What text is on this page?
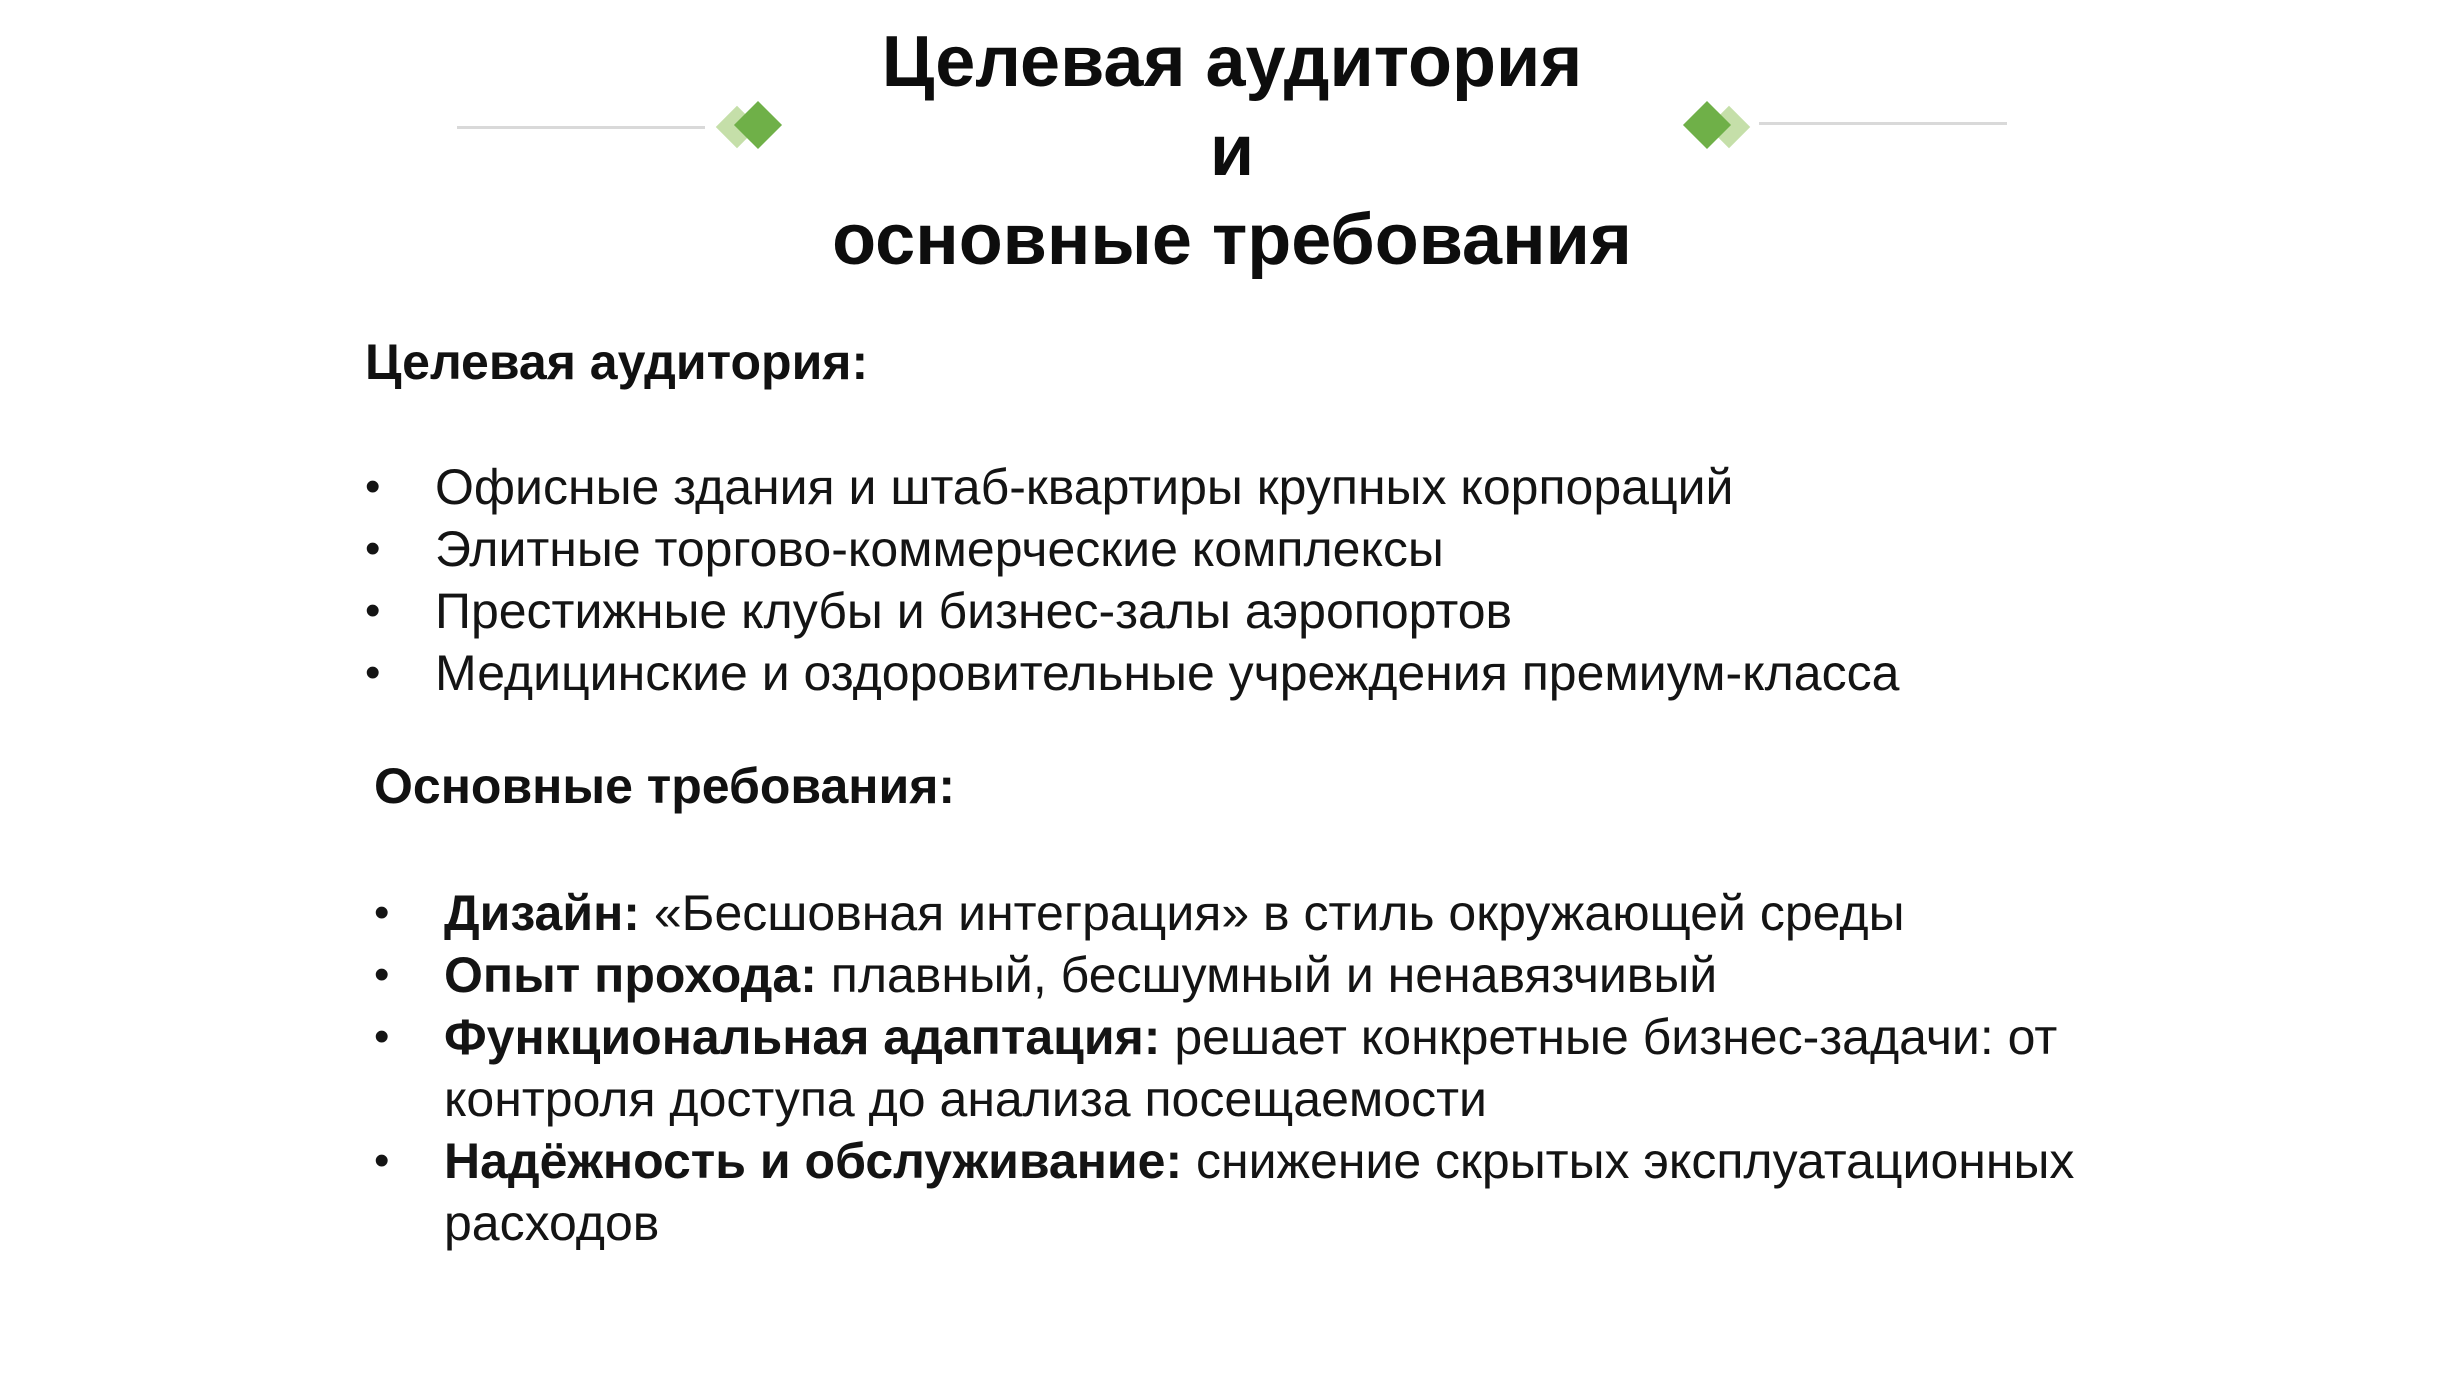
Целевая аудитория
и
основные требования
Целевая аудитория:
•	Офисные здания и штаб-квартиры крупных корпораций
•	Элитные торгово-коммерческие комплексы
•	Престижные клубы и бизнес-залы аэропортов
•	Медицинские и оздоровительные учреждения премиум-класса
Основные требования:
•	Дизайн: «Бесшовная интеграция» в стиль окружающей среды
•	Опыт прохода: плавный, бесшумный и ненавязчивый
•	Функциональная адаптация: решает конкретные бизнес-задачи: от контроля доступа до анализа посещаемости
•	Надёжность и обслуживание: снижение скрытых эксплуатационных расходов
